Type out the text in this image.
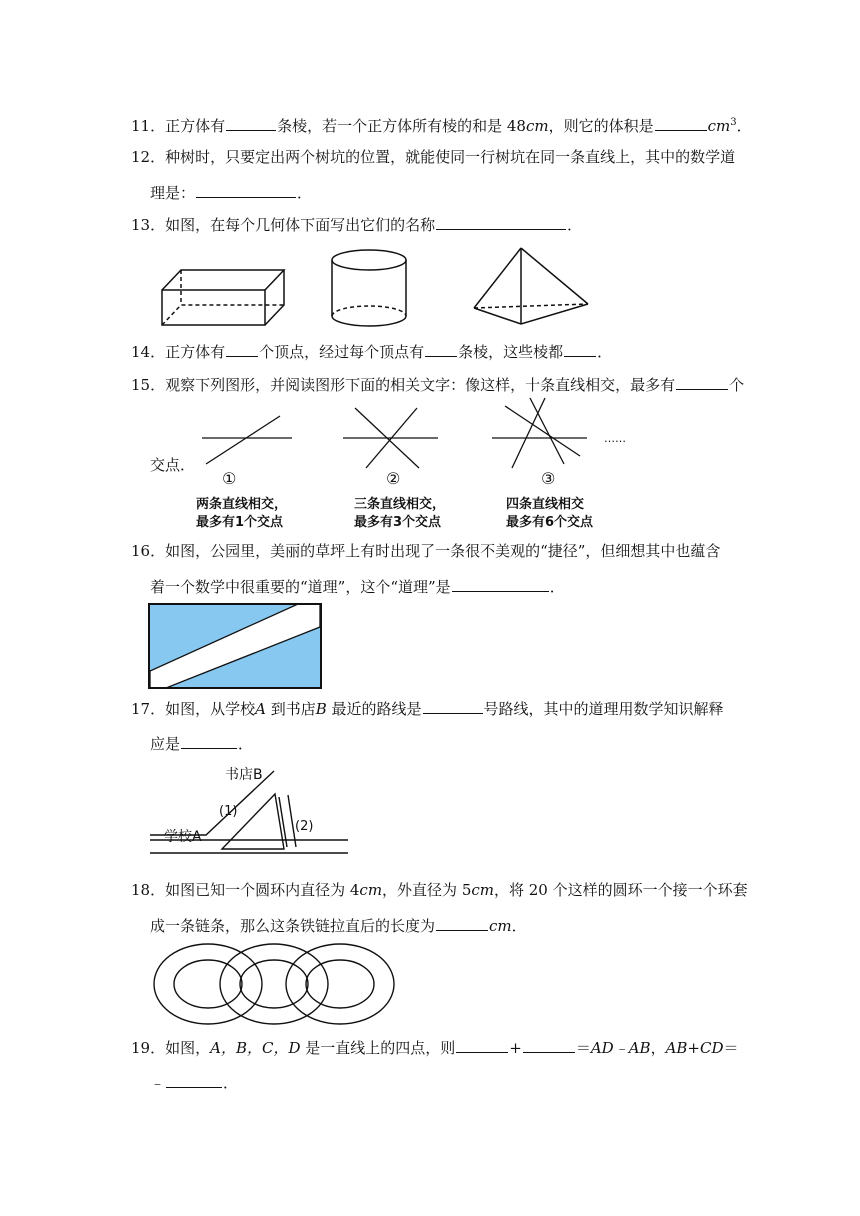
11．正方体有	条棱，若一个正方体所有棱的和是 48cm，则它的体积是	$cm^3$．
12．种树时，只要定出两个树坑的位置，就能使同一行树坑在同一条直线上，其中的数学道
理是：	．
13．如图，在每个几何体下面写出它们的名称	．
14．正方体有 个顶点，经过每个顶点有 条棱，这些棱都 ．
15．观察下列图形，并阅读图形下面的相关文字：像这样，十条直线相交，最多有	个
交点．
……
①	②	③
两条直线相交，
最多有1个交点
三条直线相交，
最多有3个交点
四条直线相交
最多有6个交点
16．如图，公园里，美丽的草坪上有时出现了一条很不美观的“捷径”，但细想其中也蕴含
着一个数学中很重要的“道理”，这个“道理”是	．
17．如图，从学校A 到书店B 最近的路线是	号路线，其中的道理用数学知识解释
应是	．
书店B
学校A
(1)
(2)
18．如图已知一个圆环内直径为 4cm，外直径为 5cm，将 20 个这样的圆环一个接一个环套
成一条链条，那么这条铁链拉直后的长度为	cm．
19．如图，A，B，C，D 是一直线上的四点，则	+	＝AD﹣AB，AB+CD＝
﹣	．
